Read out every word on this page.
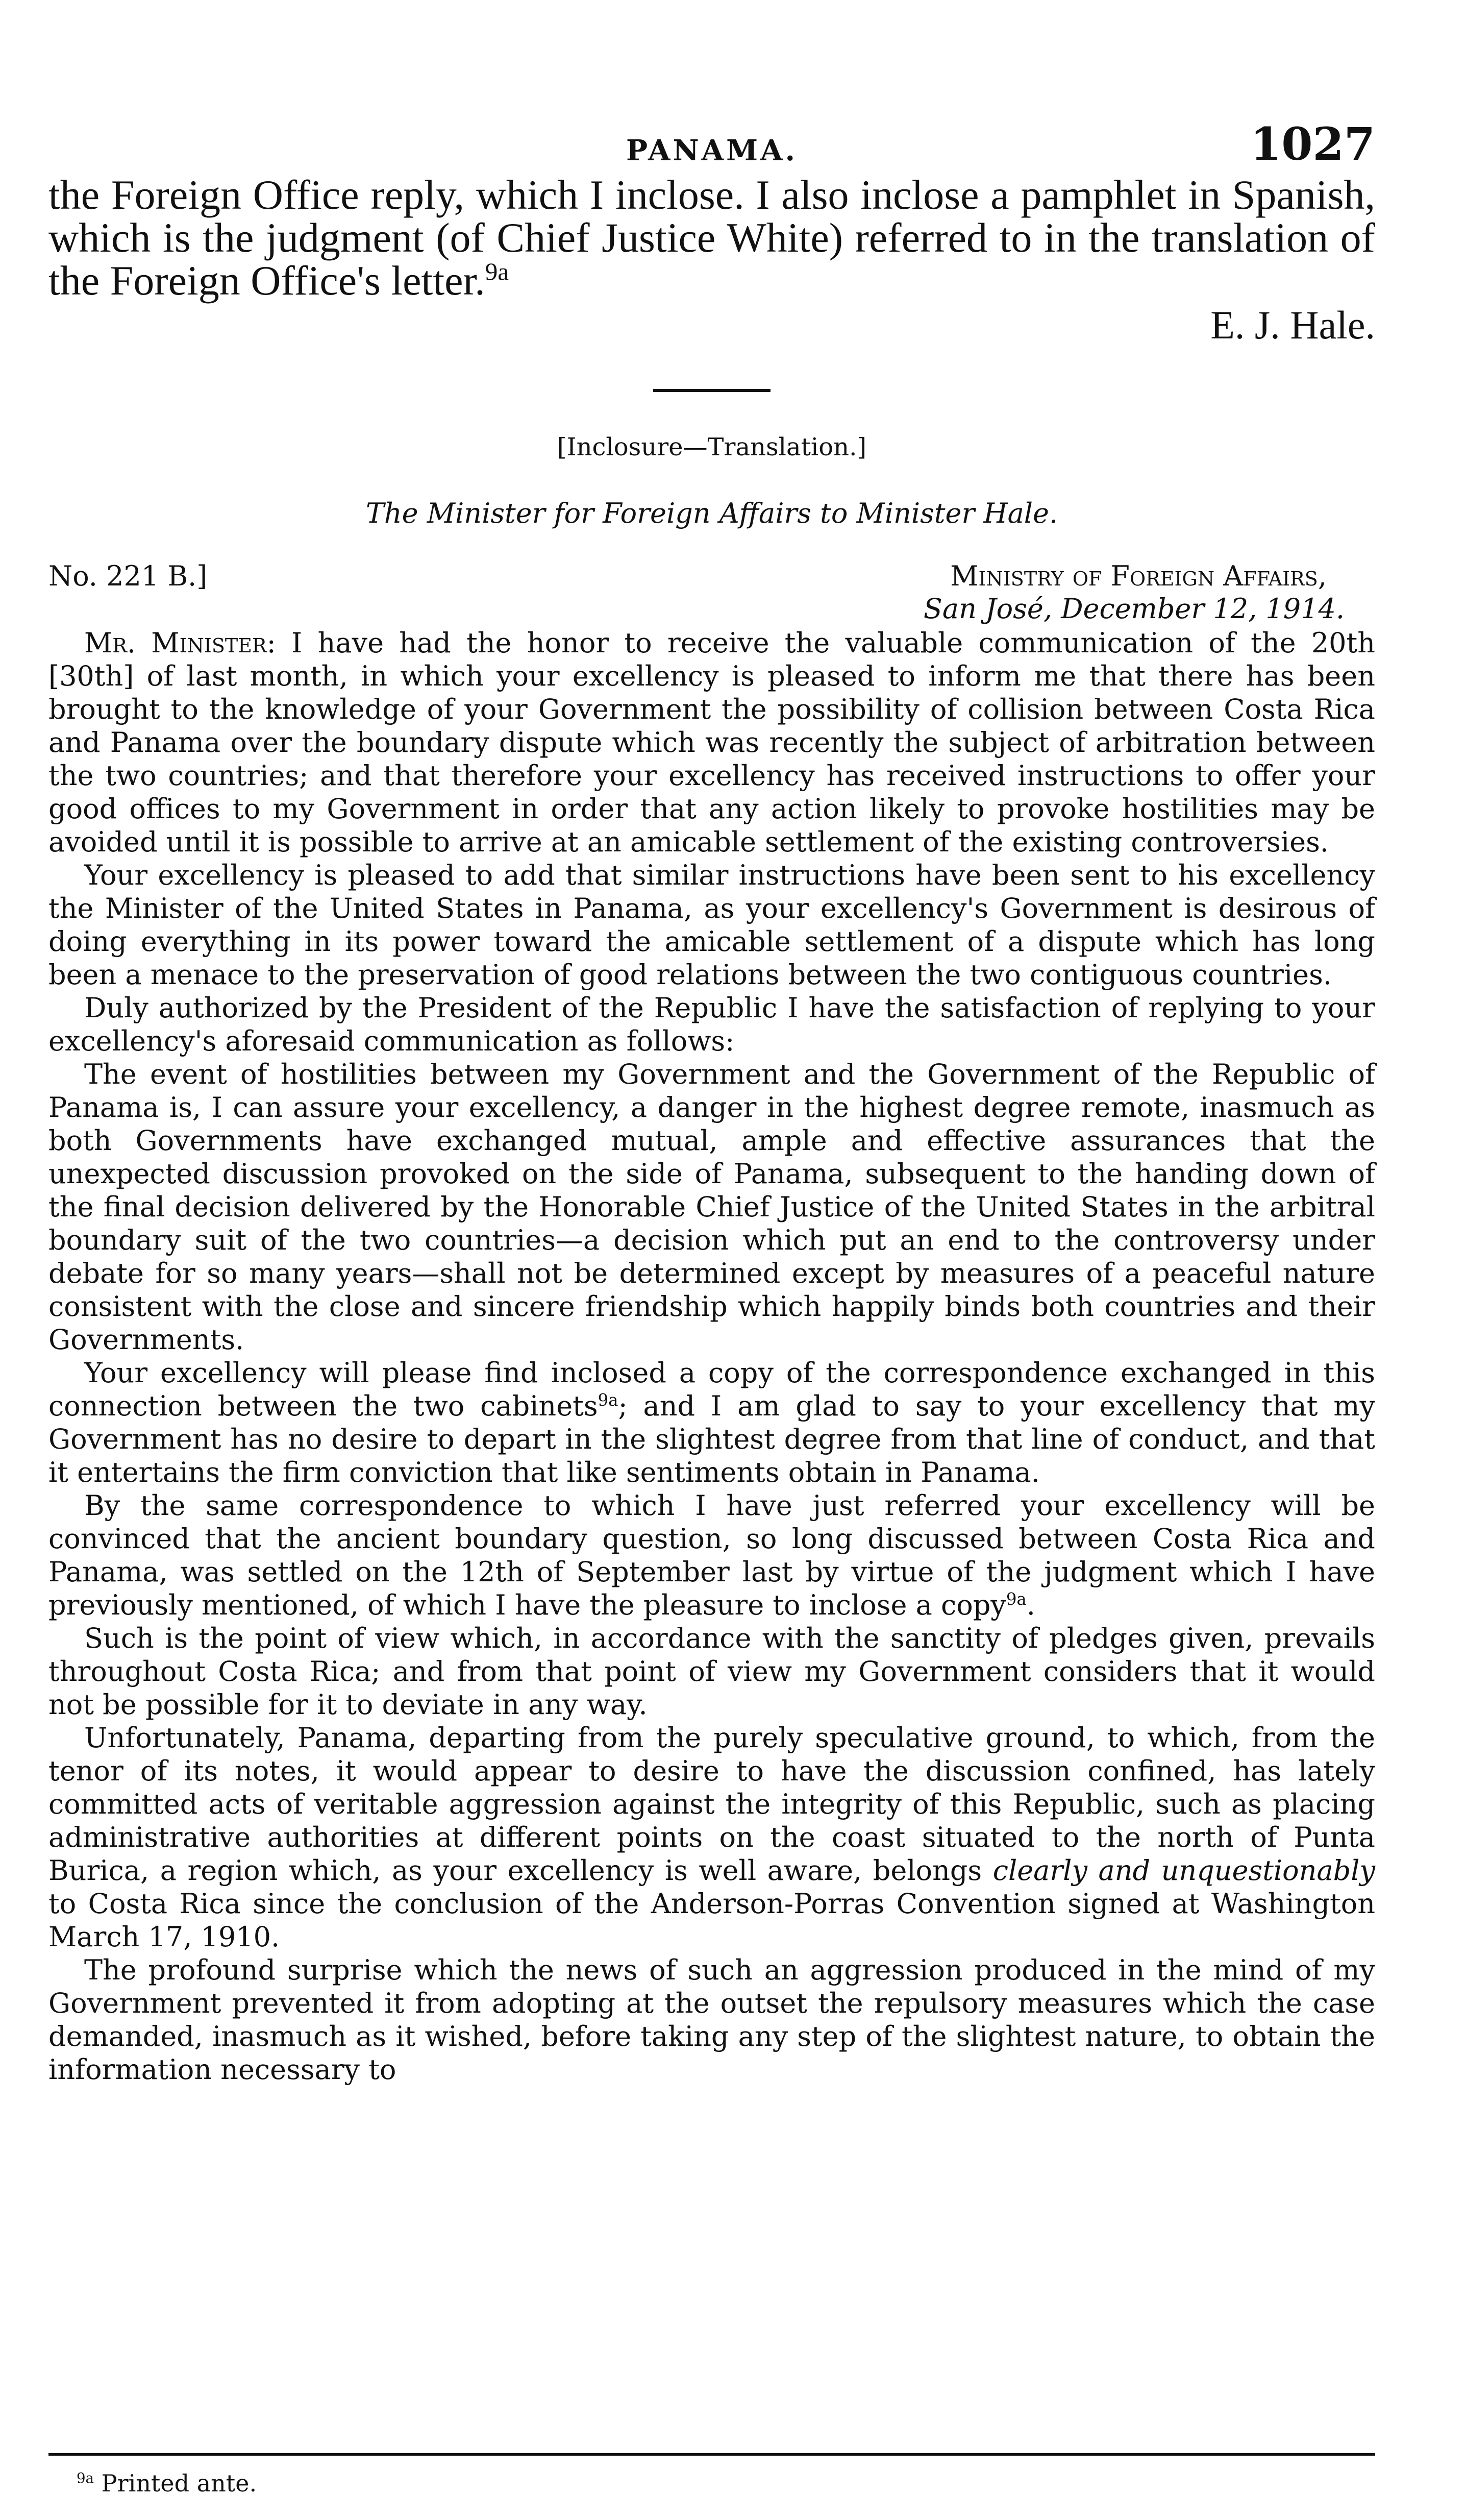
PANAMA.	1027

the Foreign Office reply, which I inclose. I also inclose a pamphlet in Spanish, which is the judgment (of Chief Justice White) referred to in the translation of the Foreign Office's letter.$^{9a}$

E. J. Hale.

[Inclosure—Translation.]

The Minister for Foreign Affairs to Minister Hale.

No. 221 B.]	Ministry of Foreign Affairs,
San José, December 12, 1914.

Mr. Minister: I have had the honor to receive the valuable communication of the 20th [30th] of last month, in which your excellency is pleased to inform me that there has been brought to the knowledge of your Government the possibility of collision between Costa Rica and Panama over the boundary dispute which was recently the subject of arbitration between the two countries; and that therefore your excellency has received instructions to offer your good offices to my Government in order that any action likely to provoke hostilities may be avoided until it is possible to arrive at an amicable settlement of the existing controversies.

Your excellency is pleased to add that similar instructions have been sent to his excellency the Minister of the United States in Panama, as your excellency's Government is desirous of doing everything in its power toward the amicable settlement of a dispute which has long been a menace to the preservation of good relations between the two contiguous countries.

Duly authorized by the President of the Republic I have the satisfaction of replying to your excellency's aforesaid communication as follows:

The event of hostilities between my Government and the Government of the Republic of Panama is, I can assure your excellency, a danger in the highest degree remote, inasmuch as both Governments have exchanged mutual, ample and effective assurances that the unexpected discussion provoked on the side of Panama, subsequent to the handing down of the final decision delivered by the Honorable Chief Justice of the United States in the arbitral boundary suit of the two countries—a decision which put an end to the controversy under debate for so many years—shall not be determined except by measures of a peaceful nature consistent with the close and sincere friendship which happily binds both countries and their Governments.

Your excellency will please find inclosed a copy of the correspondence exchanged in this connection between the two cabinets$^{9a}$; and I am glad to say to your excellency that my Government has no desire to depart in the slightest degree from that line of conduct, and that it entertains the firm conviction that like sentiments obtain in Panama.

By the same correspondence to which I have just referred your excellency will be convinced that the ancient boundary question, so long discussed between Costa Rica and Panama, was settled on the 12th of September last by virtue of the judgment which I have previously mentioned, of which I have the pleasure to inclose a copy$^{9a}$.

Such is the point of view which, in accordance with the sanctity of pledges given, prevails throughout Costa Rica; and from that point of view my Government considers that it would not be possible for it to deviate in any way.

Unfortunately, Panama, departing from the purely speculative ground, to which, from the tenor of its notes, it would appear to desire to have the discussion confined, has lately committed acts of veritable aggression against the integrity of this Republic, such as placing administrative authorities at different points on the coast situated to the north of Punta Burica, a region which, as your excellency is well aware, belongs clearly and unquestionably to Costa Rica since the conclusion of the Anderson-Porras Convention signed at Washington March 17, 1910.

The profound surprise which the news of such an aggression produced in the mind of my Government prevented it from adopting at the outset the repulsory measures which the case demanded, inasmuch as it wished, before taking any step of the slightest nature, to obtain the information necessary to

$^{9a}$ Printed ante.
